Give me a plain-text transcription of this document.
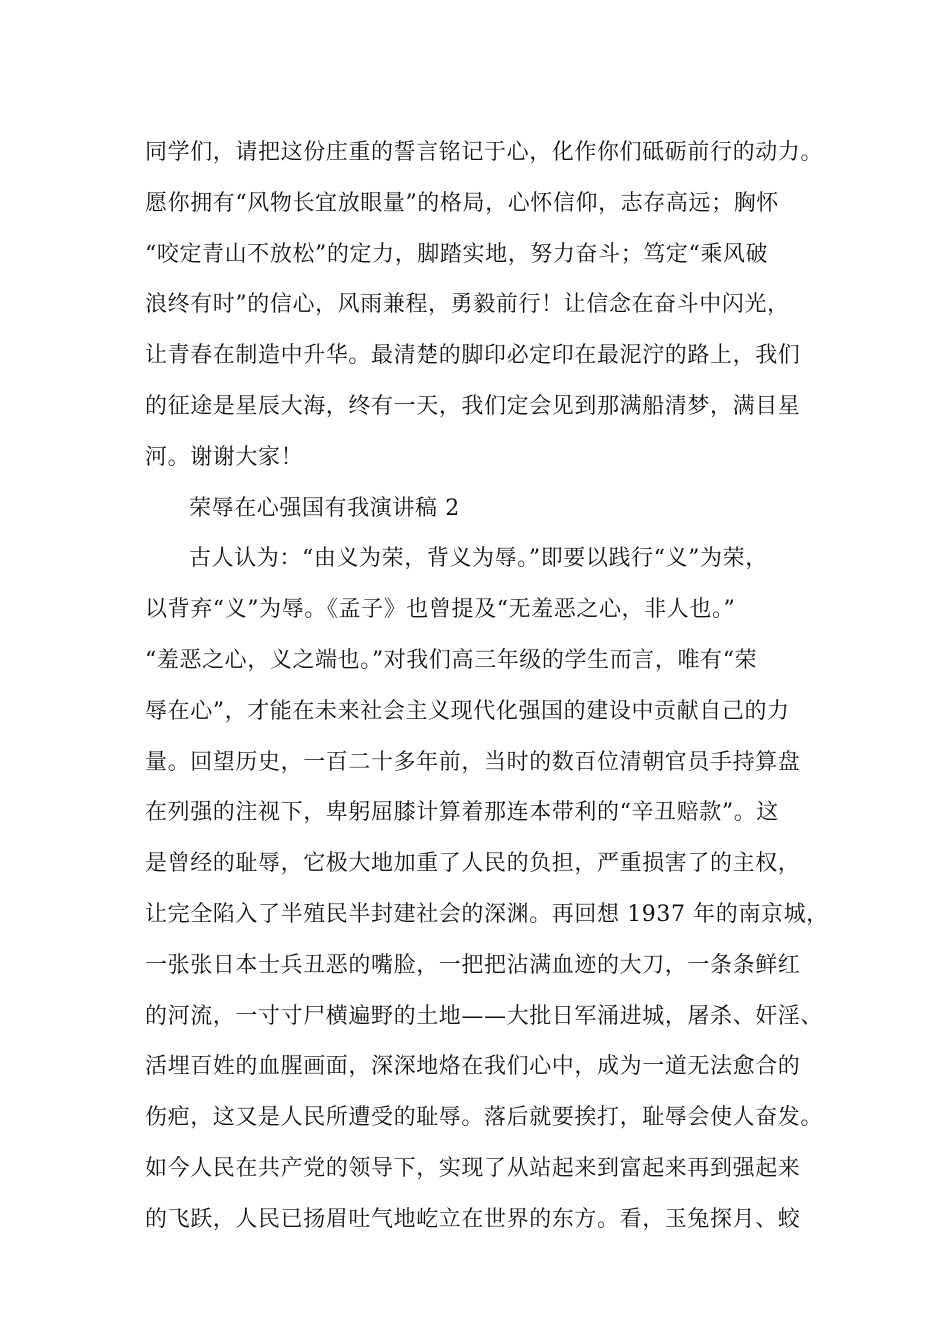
同学们，请把这份庄重的誓言铭记于心，化作你们砥砺前行的动力。
愿你拥有“风物长宜放眼量”的格局，心怀信仰，志存高远；胸怀
“咬定青山不放松”的定力，脚踏实地，努力奋斗；笃定“乘风破
浪终有时”的信心，风雨兼程，勇毅前行！让信念在奋斗中闪光，
让青春在制造中升华。最清楚的脚印必定印在最泥泞的路上，我们
的征途是星辰大海，终有一天，我们定会见到那满船清梦，满目星
河。谢谢大家！
荣辱在心强国有我演讲稿 2
古人认为：“由义为荣，背义为辱。”即要以践行“义”为荣，
以背弃“义”为辱。《孟子》也曾提及“无羞恶之心，非人也。”
“羞恶之心，义之端也。”对我们高三年级的学生而言，唯有“荣
辱在心”，才能在未来社会主义现代化强国的建设中贡献自己的力
量。回望历史，一百二十多年前，当时的数百位清朝官员手持算盘
在列强的注视下，卑躬屈膝计算着那连本带利的“辛丑赔款”。这
是曾经的耻辱，它极大地加重了人民的负担，严重损害了的主权，
让完全陷入了半殖民半封建社会的深渊。再回想 1937 年的南京城，
一张张日本士兵丑恶的嘴脸，一把把沾满血迹的大刀，一条条鲜红
的河流，一寸寸尸横遍野的土地——大批日军涌进城，屠杀、奸淫、
活埋百姓的血腥画面，深深地烙在我们心中，成为一道无法愈合的
伤疤，这又是人民所遭受的耻辱。落后就要挨打，耻辱会使人奋发。
如今人民在共产党的领导下，实现了从站起来到富起来再到强起来
的飞跃，人民已扬眉吐气地屹立在世界的东方。看，玉兔探月、蛟
